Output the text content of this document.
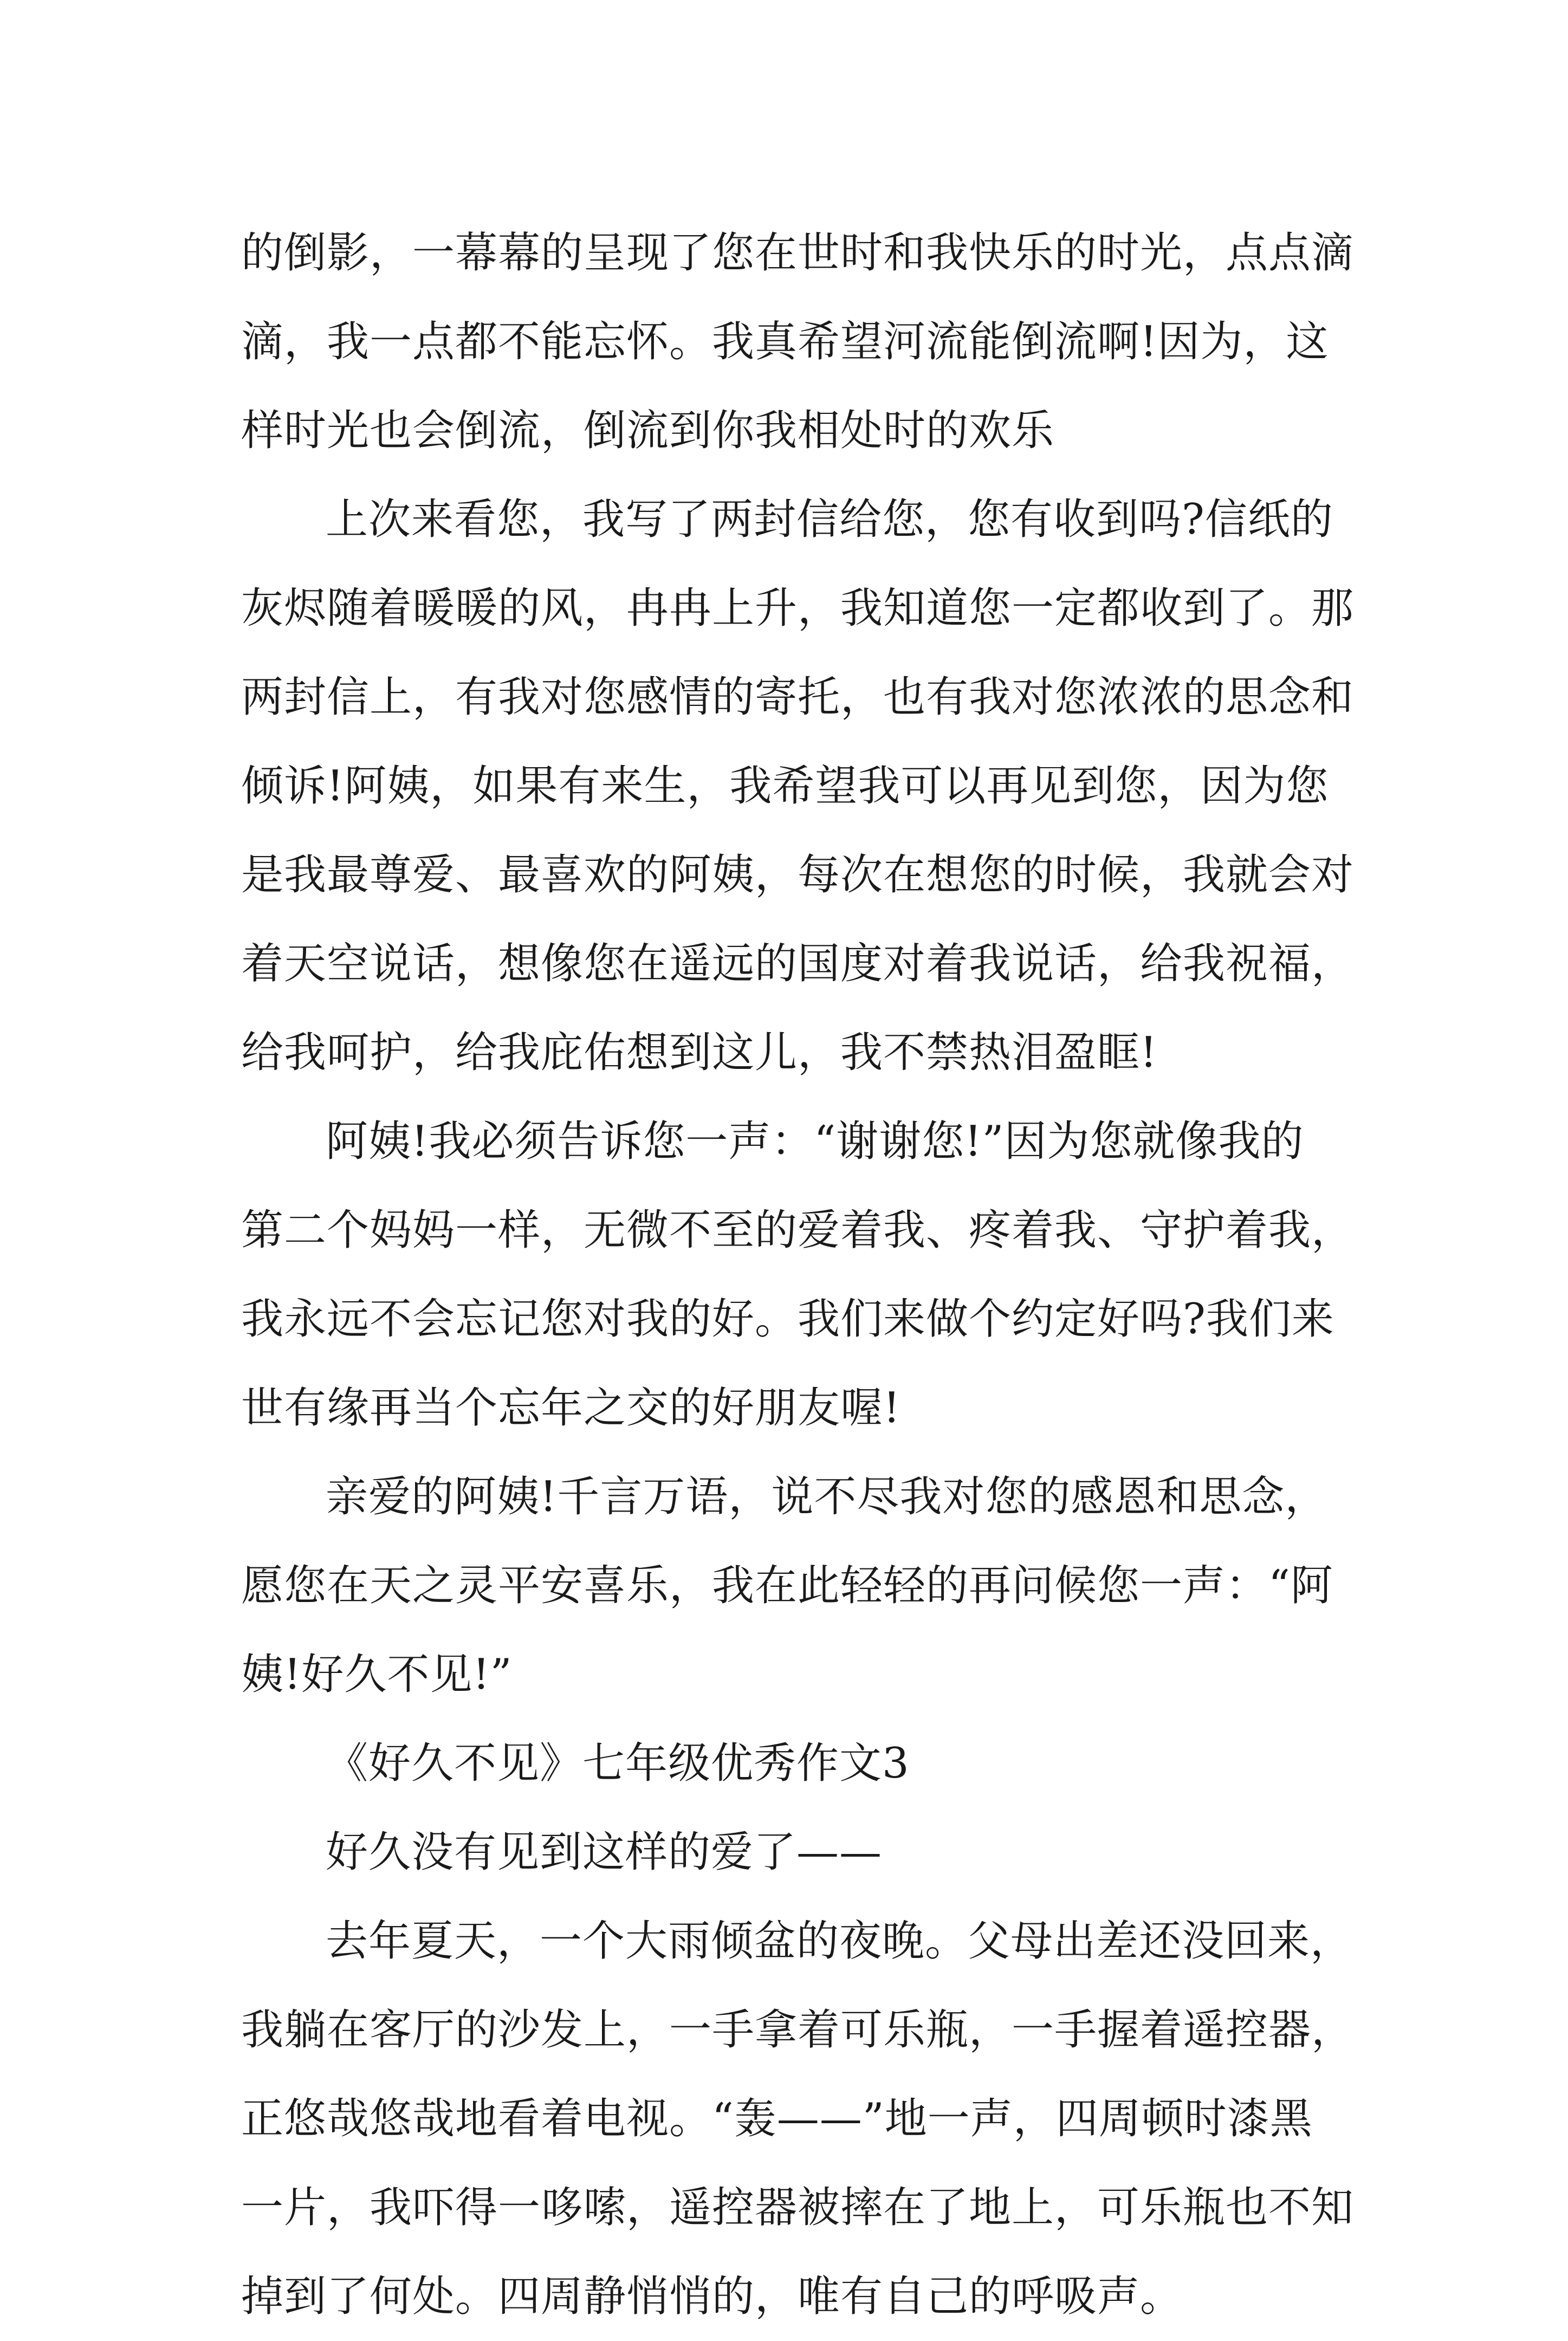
的倒影，一幕幕的呈现了您在世时和我快乐的时光，点点滴
滴，我一点都不能忘怀。我真希望河流能倒流啊!因为，这
样时光也会倒流，倒流到你我相处时的欢乐
上次来看您，我写了两封信给您，您有收到吗?信纸的
灰烬随着暖暖的风，冉冉上升，我知道您一定都收到了。那
两封信上，有我对您感情的寄托，也有我对您浓浓的思念和
倾诉!阿姨，如果有来生，我希望我可以再见到您，因为您
是我最尊爱、最喜欢的阿姨，每次在想您的时候，我就会对
着天空说话，想像您在遥远的国度对着我说话，给我祝福，
给我呵护，给我庇佑想到这儿，我不禁热泪盈眶!
阿姨!我必须告诉您一声：“谢谢您!”因为您就像我的
第二个妈妈一样，无微不至的爱着我、疼着我、守护着我，
我永远不会忘记您对我的好。我们来做个约定好吗?我们来
世有缘再当个忘年之交的好朋友喔!
亲爱的阿姨!千言万语，说不尽我对您的感恩和思念，
愿您在天之灵平安喜乐，我在此轻轻的再问候您一声：“阿
姨!好久不见!”
《好久不见》七年级优秀作文3
好久没有见到这样的爱了——
去年夏天，一个大雨倾盆的夜晚。父母出差还没回来，
我躺在客厅的沙发上，一手拿着可乐瓶，一手握着遥控器，
正悠哉悠哉地看着电视。“轰——”地一声，四周顿时漆黑
一片，我吓得一哆嗦，遥控器被摔在了地上，可乐瓶也不知
掉到了何处。四周静悄悄的，唯有自己的呼吸声。
